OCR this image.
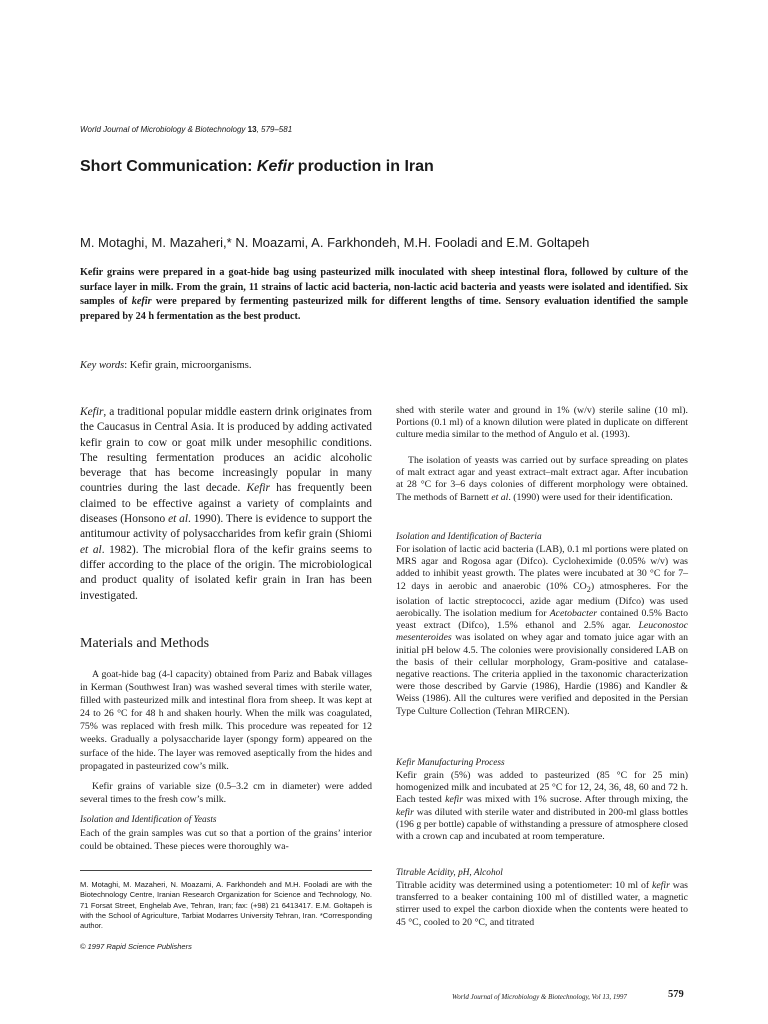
World Journal of Microbiology & Biotechnology 13, 579–581
Short Communication: Kefir production in Iran
M. Motaghi, M. Mazaheri,* N. Moazami, A. Farkhondeh, M.H. Fooladi and E.M. Goltapeh
Kefir grains were prepared in a goat-hide bag using pasteurized milk inoculated with sheep intestinal flora, followed by culture of the surface layer in milk. From the grain, 11 strains of lactic acid bacteria, non-lactic acid bacteria and yeasts were isolated and identified. Six samples of kefir were prepared by fermenting pasteurized milk for different lengths of time. Sensory evaluation identified the sample prepared by 24 h fermentation as the best product.
Key words: Kefir grain, microorganisms.
Kefir, a traditional popular middle eastern drink originates from the Caucasus in Central Asia. It is produced by adding activated kefir grain to cow or goat milk under mesophilic conditions. The resulting fermentation produces an acidic alcoholic beverage that has become increasingly popular in many countries during the last decade. Kefir has frequently been claimed to be effective against a variety of complaints and diseases (Honsono et al. 1990). There is evidence to support the antitumour activity of polysaccharides from kefir grain (Shiomi et al. 1982). The microbial flora of the kefir grains seems to differ according to the place of the origin. The microbiological and product quality of isolated kefir grain in Iran has been investigated.
Materials and Methods
A goat-hide bag (4-l capacity) obtained from Pariz and Babak villages in Kerman (Southwest Iran) was washed several times with sterile water, filled with pasteurized milk and intestinal flora from sheep. It was kept at 24 to 26 °C for 48 h and shaken hourly. When the milk was coagulated, 75% was replaced with fresh milk. This procedure was repeated for 12 weeks. Gradually a polysaccharide layer (spongy form) appeared on the surface of the hide. The layer was removed aseptically from the hides and propagated in pasteurized cow’s milk.
Kefir grains of variable size (0.5–3.2 cm in diameter) were added several times to the fresh cow’s milk.
Isolation and Identification of Yeasts
Each of the grain samples was cut so that a portion of the grains’ interior could be obtained. These pieces were thoroughly wa-
M. Motaghi, M. Mazaheri, N. Moazami, A. Farkhondeh and M.H. Fooladi are with the Biotechnology Centre, Iranian Research Organization for Science and Technology, No. 71 Forsat Street, Enghelab Ave, Tehran, Iran; fax: (+98) 21 6413417. E.M. Goltapeh is with the School of Agriculture, Tarbiat Modarres University Tehran, Iran. *Corresponding author.
© 1997 Rapid Science Publishers
shed with sterile water and ground in 1% (w/v) sterile saline (10 ml). Portions (0.1 ml) of a known dilution were plated in duplicate on different culture media similar to the method of Angulo et al. (1993).
The isolation of yeasts was carried out by surface spreading on plates of malt extract agar and yeast extract–malt extract agar. After incubation at 28 °C for 3–6 days colonies of different morphology were obtained. The methods of Barnett et al. (1990) were used for their identification.
Isolation and Identification of Bacteria
For isolation of lactic acid bacteria (LAB), 0.1 ml portions were plated on MRS agar and Rogosa agar (Difco). Cycloheximide (0.05% w/v) was added to inhibit yeast growth. The plates were incubated at 30 °C for 7–12 days in aerobic and anaerobic (10% $CO_2$) atmospheres. For the isolation of lactic streptococci, azide agar medium (Difco) was used aerobically. The isolation medium for Acetobacter contained 0.5% Bacto yeast extract (Difco), 1.5% ethanol and 2.5% agar. Leuconostoc mesenteroides was isolated on whey agar and tomato juice agar with an initial pH below 4.5. The colonies were provisionally considered LAB on the basis of their cellular morphology, Gram-positive and catalase-negative reactions. The criteria applied in the taxonomic characterization were those described by Garvie (1986), Hardie (1986) and Kandler & Weiss (1986). All the cultures were verified and deposited in the Persian Type Culture Collection (Tehran MIRCEN).
Kefir Manufacturing Process
Kefir grain (5%) was added to pasteurized (85 °C for 25 min) homogenized milk and incubated at 25 °C for 12, 24, 36, 48, 60 and 72 h. Each tested kefir was mixed with 1% sucrose. After through mixing, the kefir was diluted with sterile water and distributed in 200-ml glass bottles (196 g per bottle) capable of withstanding a pressure of atmosphere closed with a crown cap and incubated at room temperature.
Titrable Acidity, pH, Alcohol
Titrable acidity was determined using a potentiometer: 10 ml of kefir was transferred to a beaker containing 100 ml of distilled water, a magnetic stirrer used to expel the carbon dioxide when the contents were heated to 45 °C, cooled to 20 °C, and titrated
World Journal of Microbiology & Biotechnology, Vol 13, 1997	579
